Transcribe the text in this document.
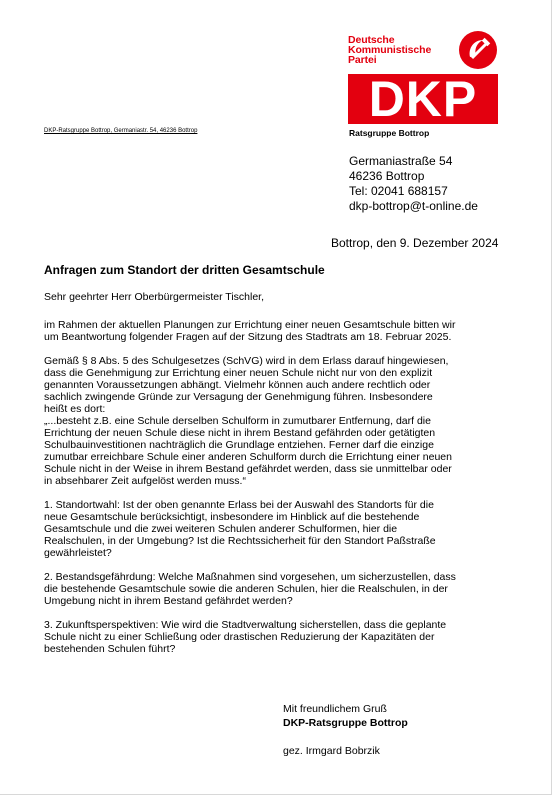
Deutsche
Kommunistische
Partei
DKP
Ratsgruppe Bottrop
DKP-Ratsgruppe Bottrop, Germaniastr. 54, 46236 Bottrop
Germaniastraße 54
46236 Bottrop
Tel: 02041 688157
dkp-bottrop@t-online.de
Bottrop, den 9. Dezember 2024
Anfragen zum Standort der dritten Gesamtschule

Sehr geehrter Herr Oberbürgermeister Tischler,

im Rahmen der aktuellen Planungen zur Errichtung einer neuen Gesamtschule bitten wir
um Beantwortung folgender Fragen auf der Sitzung des Stadtrats am 18. Februar 2025.

Gemäß § 8 Abs. 5 des Schulgesetzes (SchVG) wird in dem Erlass darauf hingewiesen,
dass die Genehmigung zur Errichtung einer neuen Schule nicht nur von den explizit
genannten Voraussetzungen abhängt. Vielmehr können auch andere rechtlich oder
sachlich zwingende Gründe zur Versagung der Genehmigung führen. Insbesondere
heißt es dort:
„...besteht z.B. eine Schule derselben Schulform in zumutbarer Entfernung, darf die
Errichtung der neuen Schule diese nicht in ihrem Bestand gefährden oder getätigten
Schulbauinvestitionen nachträglich die Grundlage entziehen. Ferner darf die einzige
zumutbar erreichbare Schule einer anderen Schulform durch die Errichtung einer neuen
Schule nicht in der Weise in ihrem Bestand gefährdet werden, dass sie unmittelbar oder
in absehbarer Zeit aufgelöst werden muss.“

1. Standortwahl: Ist der oben genannte Erlass bei der Auswahl des Standorts für die
neue Gesamtschule berücksichtigt, insbesondere im Hinblick auf die bestehende
Gesamtschule und die zwei weiteren Schulen anderer Schulformen, hier die
Realschulen, in der Umgebung? Ist die Rechtssicherheit für den Standort Paßstraße
gewährleistet?

2. Bestandsgefährdung: Welche Maßnahmen sind vorgesehen, um sicherzustellen, dass
die bestehende Gesamtschule sowie die anderen Schulen, hier die Realschulen, in der
Umgebung nicht in ihrem Bestand gefährdet werden?

3. Zukunftsperspektiven: Wie wird die Stadtverwaltung sicherstellen, dass die geplante
Schule nicht zu einer Schließung oder drastischen Reduzierung der Kapazitäten der
bestehenden Schulen führt?

Mit freundlichem Gruß
DKP-Ratsgruppe Bottrop
gez. Irmgard Bobrzik
